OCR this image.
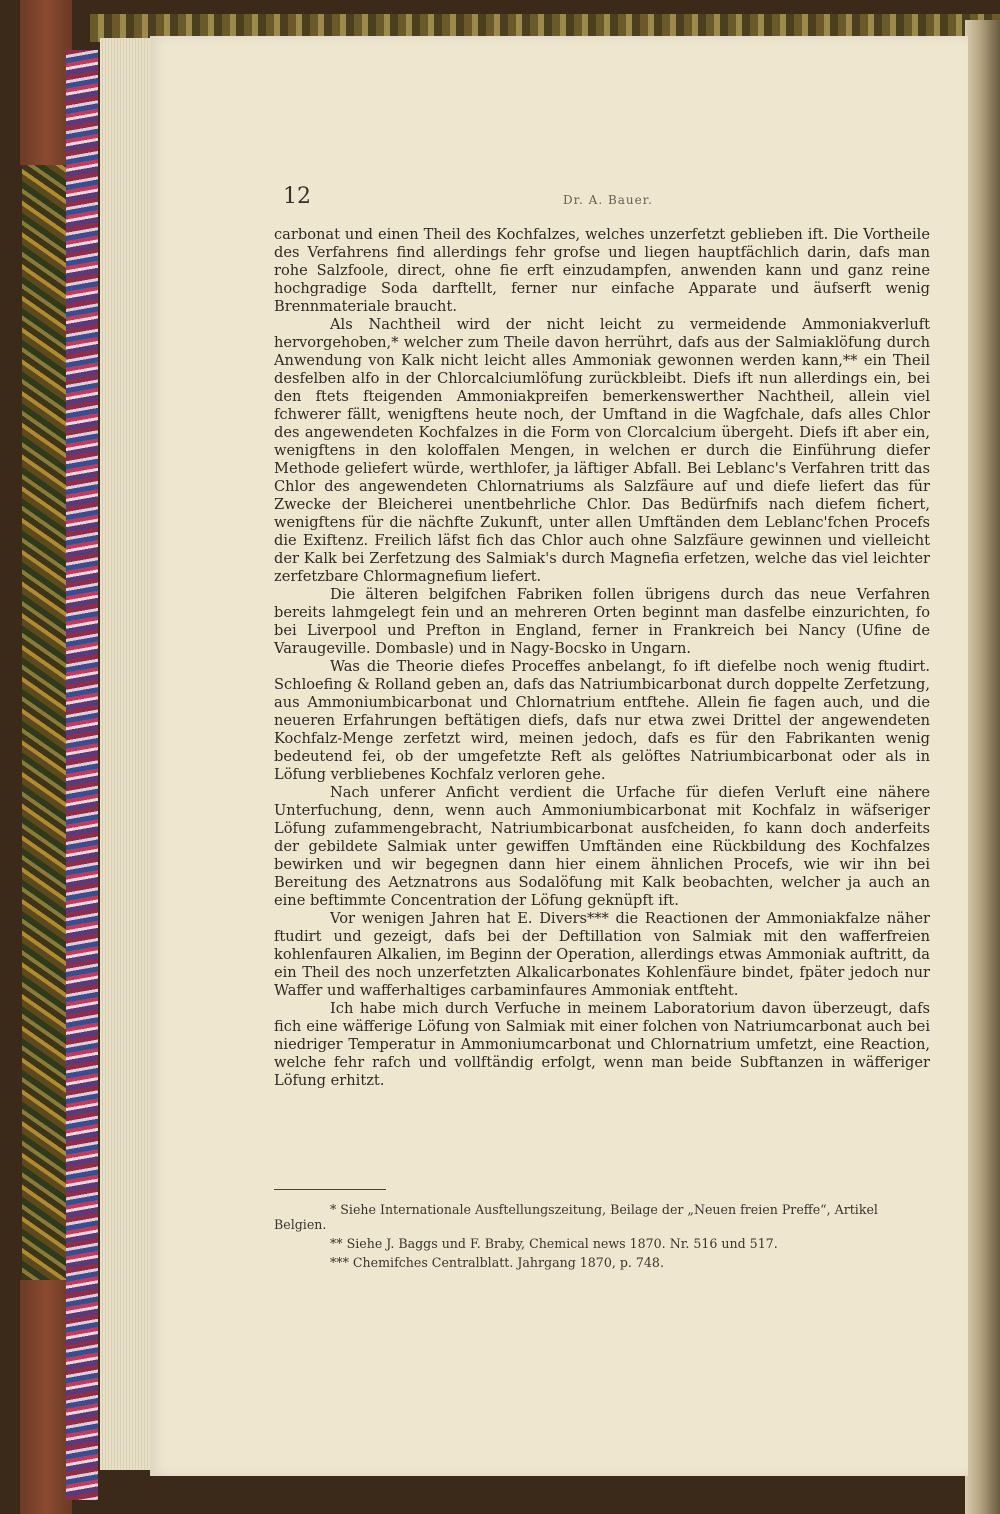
12	Dr. A. Bauer.

carbonat und einen Theil des Kochfalzes, welches unzerfetzt geblieben ift. Die Vortheile des Verfahrens find allerdings fehr grofse und liegen hauptfächlich darin, dafs man rohe Salzfoole, direct, ohne fie erft einzudampfen, anwenden kann und ganz reine hochgradige Soda darftellt, ferner nur einfache Apparate und äufserft wenig Brennmateriale braucht.

Als Nachtheil wird der nicht leicht zu vermeidende Ammoniakverluft hervorgehoben,* welcher zum Theile davon herrührt, dafs aus der Salmiaklöfung durch Anwendung von Kalk nicht leicht alles Ammoniak gewonnen werden kann,** ein Theil desfelben alfo in der Chlorcalciumlöfung zurückbleibt. Diefs ift nun allerdings ein, bei den ftets fteigenden Ammoniakpreifen bemerkenswerther Nachtheil, allein viel fchwerer fällt, wenigftens heute noch, der Umftand in die Wagfchale, dafs alles Chlor des angewendeten Kochfalzes in die Form von Clorcalcium übergeht. Diefs ift aber ein, wenigftens in den koloffalen Mengen, in welchen er durch die Einführung diefer Methode geliefert würde, werthlofer, ja läftiger Abfall. Bei Leblanc's Verfahren tritt das Chlor des angewendeten Chlornatriums als Salzfäure auf und diefe liefert das für Zwecke der Bleicherei unentbehrliche Chlor. Das Bedürfnifs nach diefem fichert, wenigftens für die nächfte Zukunft, unter allen Umftänden dem Leblanc'fchen Procefs die Exiftenz. Freilich läfst fich das Chlor auch ohne Salzfäure gewinnen und vielleicht der Kalk bei Zerfetzung des Salmiak's durch Magnefia erfetzen, welche das viel leichter zerfetzbare Chlormagnefium liefert.

Die älteren belgifchen Fabriken follen übrigens durch das neue Verfahren bereits lahmgelegt fein und an mehreren Orten beginnt man dasfelbe einzurichten, fo bei Liverpool und Prefton in England, ferner in Frankreich bei Nancy (Ufine de Varaugeville. Dombasle) und in Nagy-Bocsko in Ungarn.

Was die Theorie diefes Proceffes anbelangt, fo ift diefelbe noch wenig ftudirt. Schloefing & Rolland geben an, dafs das Natriumbicarbonat durch doppelte Zerfetzung, aus Ammoniumbicarbonat und Chlornatrium entftehe. Allein fie fagen auch, und die neueren Erfahrungen beftätigen diefs, dafs nur etwa zwei Drittel der angewendeten Kochfalz-Menge zerfetzt wird, meinen jedoch, dafs es für den Fabrikanten wenig bedeutend fei, ob der umgefetzte Reft als gelöftes Natriumbicarbonat oder als in Löfung verbliebenes Kochfalz verloren gehe.

Nach unferer Anficht verdient die Urfache für diefen Verluft eine nähere Unterfuchung, denn, wenn auch Ammoniumbicarbonat mit Kochfalz in wäfseriger Löfung zufammengebracht, Natriumbicarbonat ausfcheiden, fo kann doch anderfeits der gebildete Salmiak unter gewiffen Umftänden eine Rückbildung des Kochfalzes bewirken und wir begegnen dann hier einem ähnlichen Procefs, wie wir ihn bei Bereitung des Aetznatrons aus Sodalöfung mit Kalk beobachten, welcher ja auch an eine beftimmte Concentration der Löfung geknüpft ift.

Vor wenigen Jahren hat E. Divers*** die Reactionen der Ammoniakfalze näher ftudirt und gezeigt, dafs bei der Deftillation von Salmiak mit den wafferfreien kohlenfauren Alkalien, im Beginn der Operation, allerdings etwas Ammoniak auftritt, da ein Theil des noch unzerfetzten Alkalicarbonates Kohlenfäure bindet, fpäter jedoch nur Waffer und wafferhaltiges carbaminfaures Ammoniak entfteht.

Ich habe mich durch Verfuche in meinem Laboratorium davon überzeugt, dafs fich eine wäfferige Löfung von Salmiak mit einer folchen von Natriumcarbonat auch bei niedriger Temperatur in Ammoniumcarbonat und Chlornatrium umfetzt, eine Reaction, welche fehr rafch und vollftändig erfolgt, wenn man beide Subftanzen in wäfferiger Löfung erhitzt.

* Siehe Internationale Ausftellungszeitung, Beilage der „Neuen freien Preffe“, Artikel Belgien.

** Siehe J. Baggs und F. Braby, Chemical news 1870. Nr. 516 und 517.

*** Chemifches Centralblatt. Jahrgang 1870, p. 748.
